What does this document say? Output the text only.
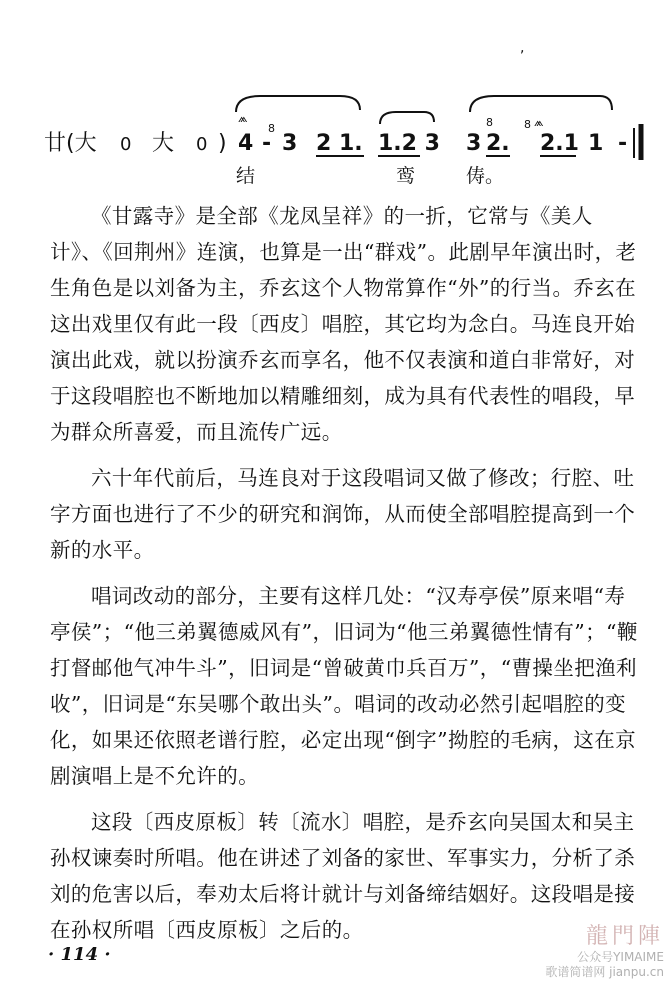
廿(大 0 大 0 )
⩕	⩕
8	8	8
4 - 3 2 1. 1.2 3 3 2. 2.1 1 -
,
结	鸾	俦。

《甘露寺》是全部《龙凤呈祥》的一折，它常与《美人计》、《回荆州》连演，也算是一出“群戏”。此剧早年演出时，老生角色是以刘备为主，乔玄这个人物常算作“外”的行当。乔玄在这出戏里仅有此一段〔西皮〕唱腔，其它均为念白。马连良开始演出此戏，就以扮演乔玄而享名，他不仅表演和道白非常好，对于这段唱腔也不断地加以精雕细刻，成为具有代表性的唱段，早为群众所喜爱，而且流传广远。

六十年代前后，马连良对于这段唱词又做了修改；行腔、吐字方面也进行了不少的研究和润饰，从而使全部唱腔提高到一个新的水平。

唱词改动的部分，主要有这样几处：“汉寿亭侯”原来唱“寿亭侯”；“他三弟翼德威风有”，旧词为“他三弟翼德性情有”；“鞭打督邮他气冲牛斗”，旧词是“曾破黄巾兵百万”，“曹操坐把渔利收”，旧词是“东吴哪个敢出头”。唱词的改动必然引起唱腔的变化，如果还依照老谱行腔，必定出现“倒字”拗腔的毛病，这在京剧演唱上是不允许的。

这段〔西皮原板〕转〔流水〕唱腔，是乔玄向吴国太和吴主孙权谏奏时所唱。他在讲述了刘备的家世、军事实力，分析了杀刘的危害以后，奉劝太后将计就计与刘备缔结姻好。这段唱是接在孙权所唱〔西皮原板〕之后的。

· 114 ·
龍門陣
公众号YIMAIME
歌谱简谱网 jianpu.cn
